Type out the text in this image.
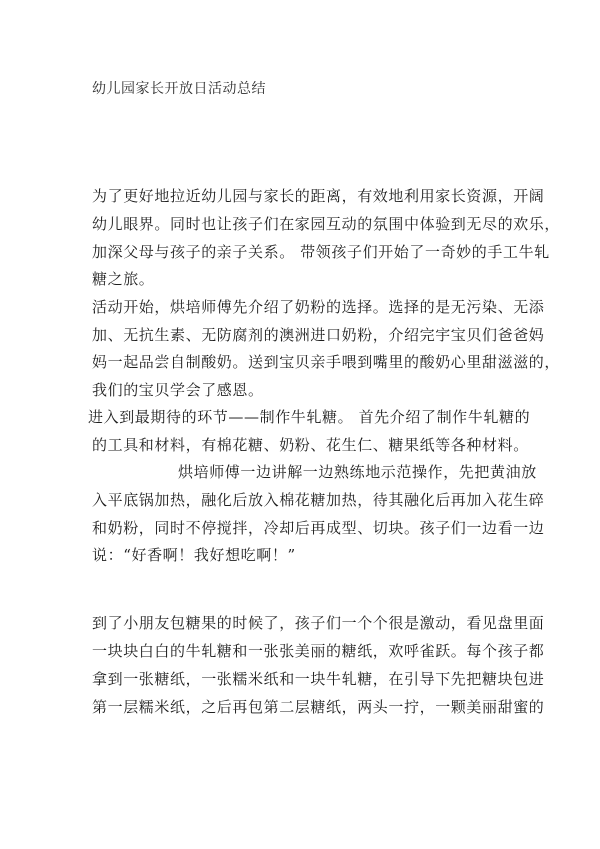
幼儿园家长开放日活动总结
为了更好地拉近幼儿园与家长的距离，有效地利用家长资源，开阔
幼儿眼界。同时也让孩子们在家园互动的氛围中体验到无尽的欢乐，
加深父母与孩子的亲子关系。 带领孩子们开始了一奇妙的手工牛轧
糖之旅。
活动开始，烘培师傅先介绍了奶粉的选择。选择的是无污染、无添
加、无抗生素、无防腐剂的澳洲进口奶粉，介绍完宇宝贝们爸爸妈
妈一起品尝自制酸奶。送到宝贝亲手喂到嘴里的酸奶心里甜滋滋的，
我们的宝贝学会了感恩。
进入到最期待的环节——制作牛轧糖。 首先介绍了制作牛轧糖的
的工具和材料，有棉花糖、奶粉、花生仁、糖果纸等各种材料。
烘培师傅一边讲解一边熟练地示范操作，先把黄油放
入平底锅加热，融化后放入棉花糖加热，待其融化后再加入花生碎
和奶粉，同时不停搅拌，冷却后再成型、切块。孩子们一边看一边
说：“好香啊！我好想吃啊！”
到了小朋友包糖果的时候了，孩子们一个个很是激动，看见盘里面
一块块白白的牛轧糖和一张张美丽的糖纸，欢呼雀跃。每个孩子都
拿到一张糖纸，一张糯米纸和一块牛轧糖，在引导下先把糖块包进
第一层糯米纸，之后再包第二层糖纸，两头一拧，一颗美丽甜蜜的
